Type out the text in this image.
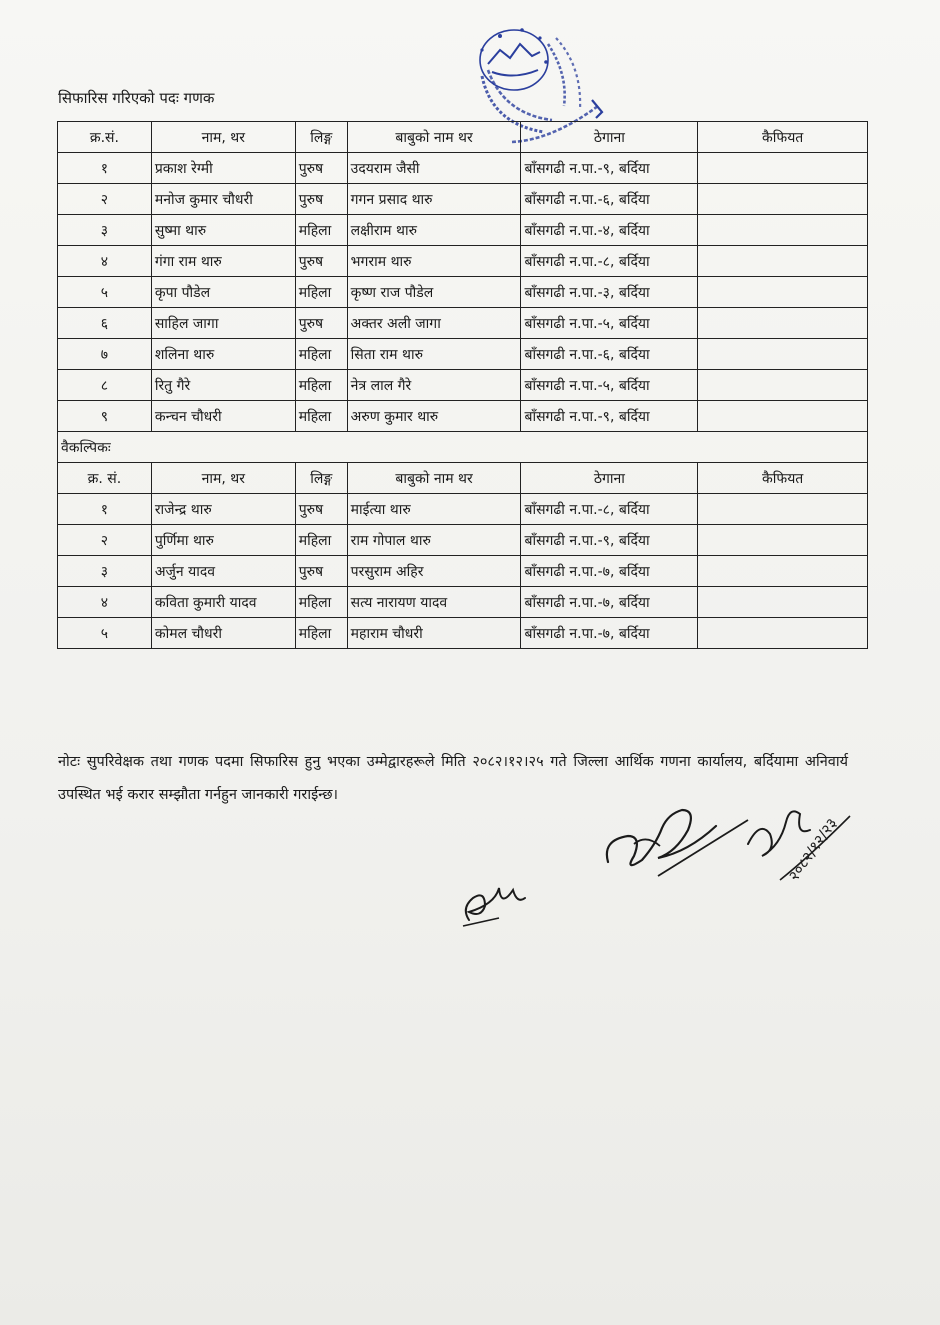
सिफारिस गरिएको पदः गणक
क्र.सं.	नाम, थर	लिङ्ग	बाबुको नाम थर	ठेगाना	कैफियत
१	प्रकाश रेग्मी	पुरुष	उदयराम जैसी	बाँसगढी न.पा.-९, बर्दिया	
२	मनोज कुमार चौधरी	पुरुष	गगन प्रसाद थारु	बाँसगढी न.पा.-६, बर्दिया	
३	सुष्मा थारु	महिला	लक्षीराम थारु	बाँसगढी न.पा.-४, बर्दिया	
४	गंगा राम थारु	पुरुष	भगराम थारु	बाँसगढी न.पा.-८, बर्दिया	
५	कृपा पौडेल	महिला	कृष्ण राज पौडेल	बाँसगढी न.पा.-३, बर्दिया	
६	साहिल जागा	पुरुष	अक्तर अली जागा	बाँसगढी न.पा.-५, बर्दिया	
७	शलिना थारु	महिला	सिता राम थारु	बाँसगढी न.पा.-६, बर्दिया	
८	रितु गैरे	महिला	नेत्र लाल गैरे	बाँसगढी न.पा.-५, बर्दिया	
९	कन्चन चौधरी	महिला	अरुण कुमार थारु	बाँसगढी न.पा.-९, बर्दिया	
वैकल्पिकः					
क्र. सं.	नाम, थर	लिङ्ग	बाबुको नाम थर	ठेगाना	कैफियत
१	राजेन्द्र थारु	पुरुष	माईत्या थारु	बाँसगढी न.पा.-८, बर्दिया	
२	पुर्णिमा थारु	महिला	राम गोपाल थारु	बाँसगढी न.पा.-९, बर्दिया	
३	अर्जुन यादव	पुरुष	परसुराम अहिर	बाँसगढी न.पा.-७, बर्दिया	
४	कविता कुमारी यादव	महिला	सत्य नारायण यादव	बाँसगढी न.पा.-७, बर्दिया	
५	कोमल चौधरी	महिला	महाराम चौधरी	बाँसगढी न.पा.-७, बर्दिया	
नोटः सुपरिवेक्षक तथा गणक पदमा सिफारिस हुनु भएका उम्मेद्वारहरूले मिति २०८२।१२।२५ गते जिल्ला आर्थिक गणना कार्यालय, बर्दियामा अनिवार्य उपस्थित भई करार सम्झौता गर्नहुन जानकारी गराईन्छ।
२०८२/१२/२३
